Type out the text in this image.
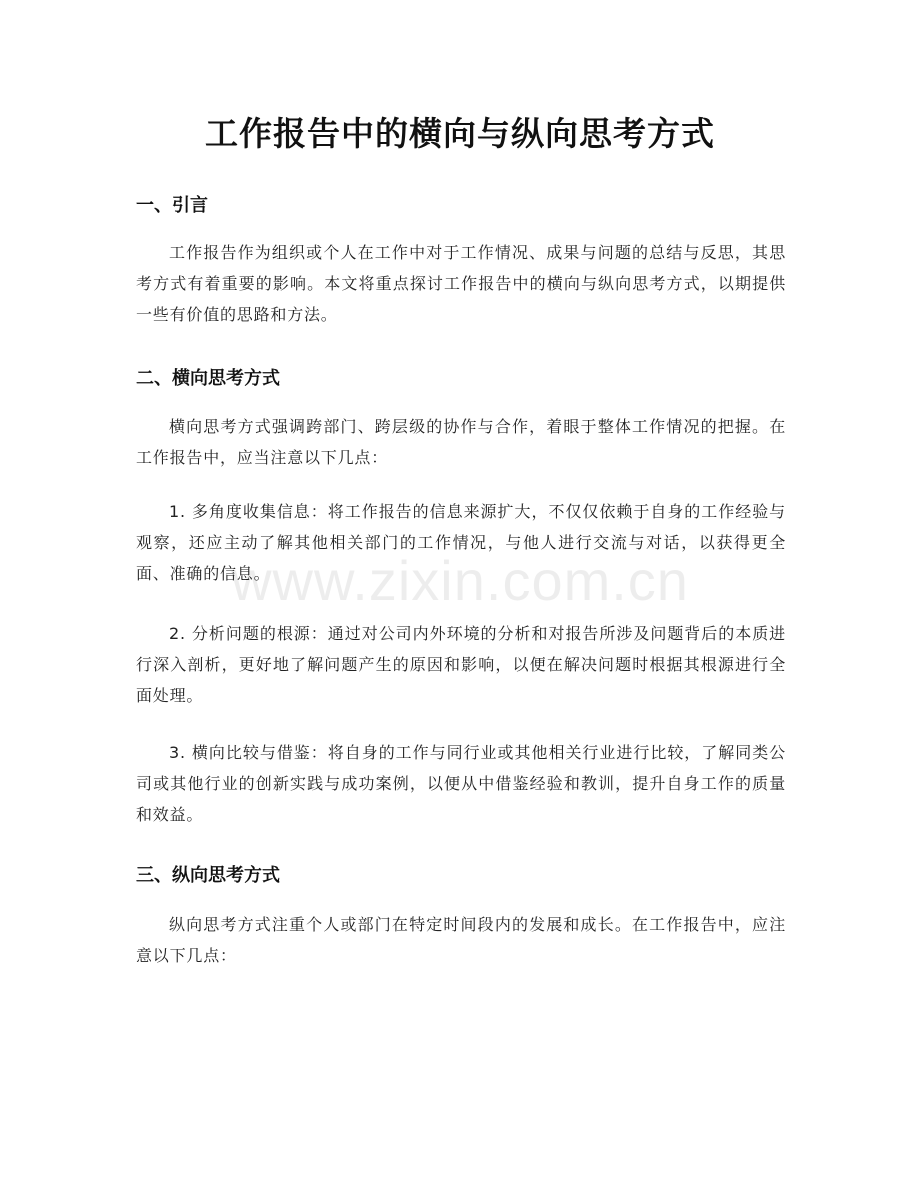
工作报告中的横向与纵向思考方式
一、引言
工作报告作为组织或个人在工作中对于工作情况、成果与问题的总结与反思，其思考方式有着重要的影响。本文将重点探讨工作报告中的横向与纵向思考方式，以期提供一些有价值的思路和方法。
二、横向思考方式
横向思考方式强调跨部门、跨层级的协作与合作，着眼于整体工作情况的把握。在工作报告中，应当注意以下几点：
1. 多角度收集信息：将工作报告的信息来源扩大，不仅仅依赖于自身的工作经验与观察，还应主动了解其他相关部门的工作情况，与他人进行交流与对话，以获得更全面、准确的信息。
2. 分析问题的根源：通过对公司内外环境的分析和对报告所涉及问题背后的本质进行深入剖析，更好地了解问题产生的原因和影响，以便在解决问题时根据其根源进行全面处理。
3. 横向比较与借鉴：将自身的工作与同行业或其他相关行业进行比较，了解同类公司或其他行业的创新实践与成功案例，以便从中借鉴经验和教训，提升自身工作的质量和效益。
三、纵向思考方式
纵向思考方式注重个人或部门在特定时间段内的发展和成长。在工作报告中，应注意以下几点：
www.zixin.com.cn
